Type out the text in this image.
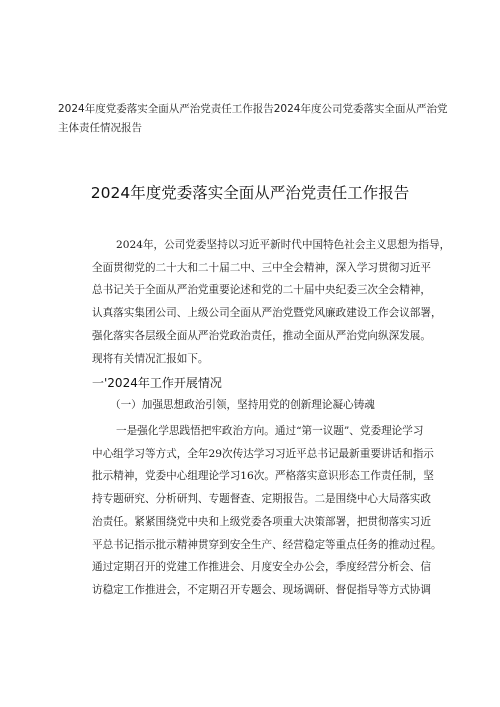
2024年度党委落实全面从严治党责任工作报告2024年度公司党委落实全面从严治党主体责任情况报告
2024年度党委落实全面从严治党责任工作报告
2024年，公司党委坚持以习近平新时代中国特色社会主义思想为指导，
全面贯彻党的二十大和二十届二中、三中全会精神，深入学习贯彻习近平
总书记关于全面从严治党重要论述和党的二十届中央纪委三次全会精神，
认真落实集团公司、上级公司全面从严治党暨党风廉政建设工作会议部署，
强化落实各层级全面从严治党政治责任，推动全面从严治党向纵深发展。
现将有关情况汇报如下。
一'2024年工作开展情况
（一）加强思想政治引领，坚持用党的创新理论凝心铸魂
一是强化学思践悟把牢政治方向。通过“第一议题”、党委理论学习
中心组学习等方式，全年29次传达学习习近平总书记最新重要讲话和指示
批示精神，党委中心组理论学习16次。严格落实意识形态工作责任制，坚
持专题研究、分析研判、专题督查、定期报告。二是围绕中心大局落实政
治责任。紧紧围绕党中央和上级党委各项重大决策部署，把贯彻落实习近
平总书记指示批示精神贯穿到安全生产、经营稳定等重点任务的推动过程。
通过定期召开的党建工作推进会、月度安全办公会，季度经营分析会、信
访稳定工作推进会，不定期召开专题会、现场调研、督促指导等方式协调
